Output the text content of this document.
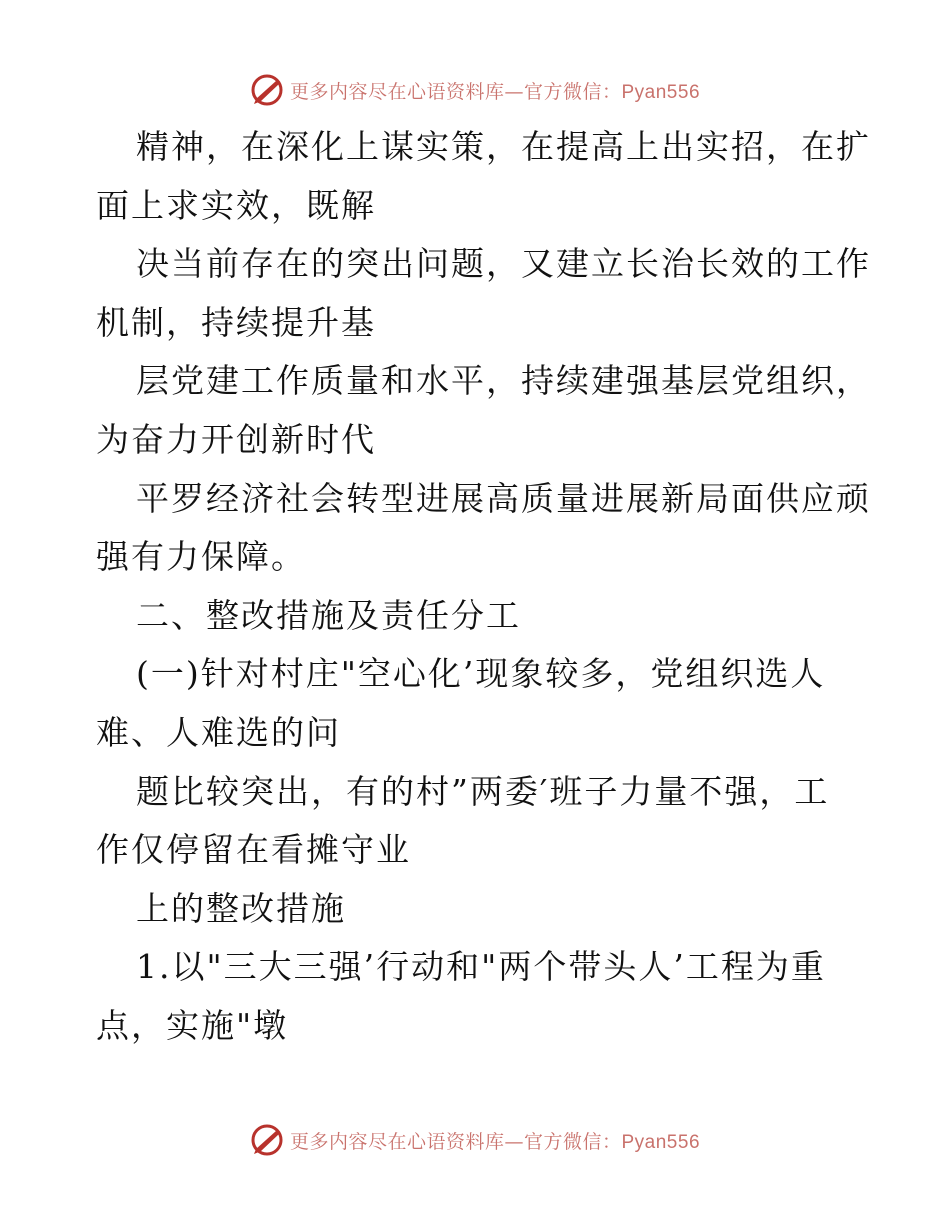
更多内容尽在心语资料库—官方微信：Pyan556
精神，在深化上谋实策，在提高上出实招，在扩
面上求实效，既解
决当前存在的突出问题，又建立长治长效的工作
机制，持续提升基
层党建工作质量和水平，持续建强基层党组织，
为奋力开创新时代
平罗经济社会转型进展高质量进展新局面供应顽
强有力保障。
二、整改措施及责任分工
(一)针对村庄"空心化’现象较多，党组织选人
难、人难选的问
题比较突出，有的村”两委′班子力量不强，工
作仅停留在看摊守业
上的整改措施
1.以"三大三强’行动和"两个带头人’工程为重
点，实施"墩
更多内容尽在心语资料库—官方微信：Pyan556
